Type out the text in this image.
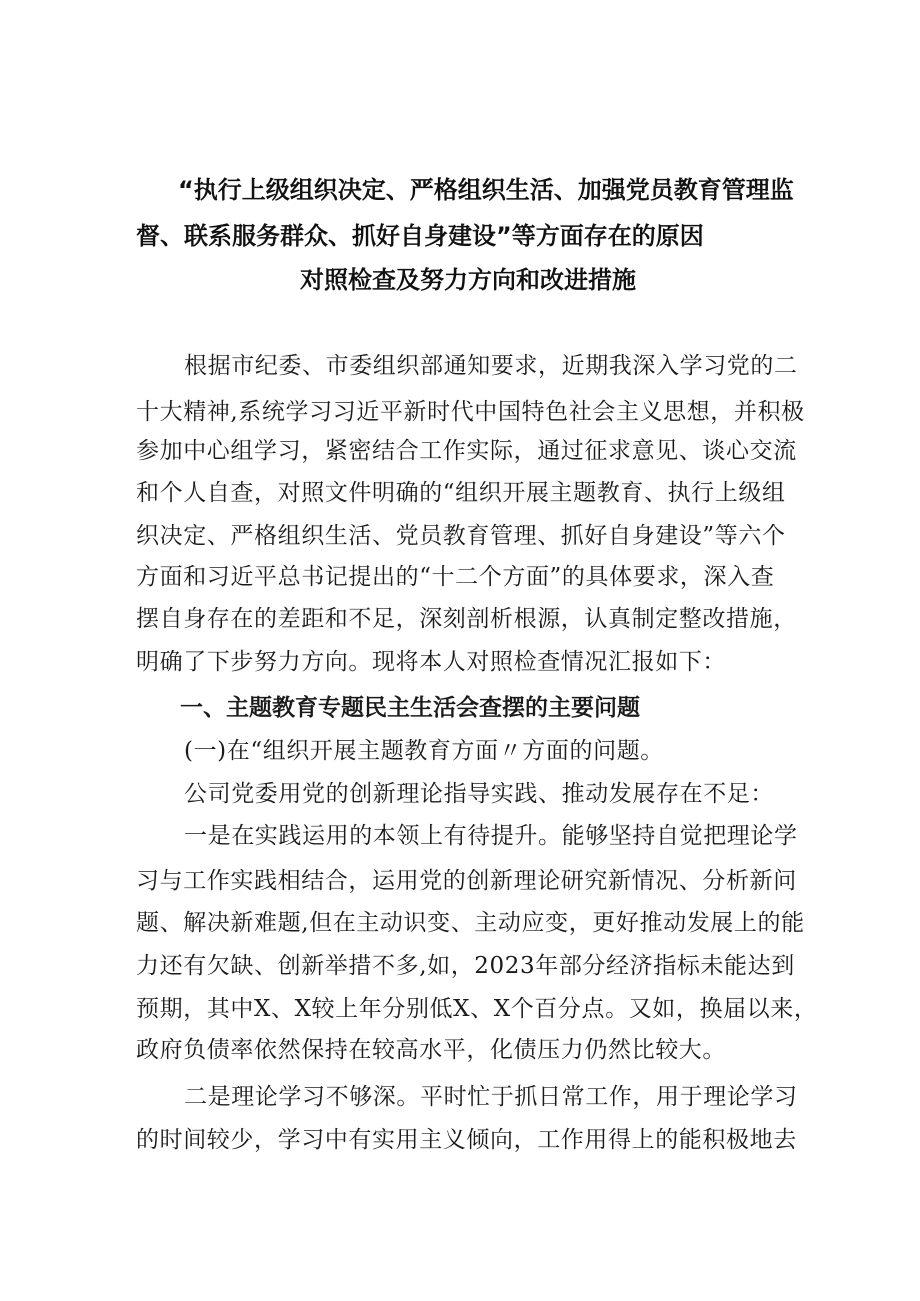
“执行上级组织决定、严格组织生活、加强党员教育管理监
督、联系服务群众、抓好自身建设”等方面存在的原因
对照检查及努力方向和改进措施
根据市纪委、市委组织部通知要求，近期我深入学习党的二
十大精神,系统学习习近平新时代中国特色社会主义思想，并积极
参加中心组学习，紧密结合工作实际，通过征求意见、谈心交流
和个人自查，对照文件明确的“组织开展主题教育、执行上级组
织决定、严格组织生活、党员教育管理、抓好自身建设”等六个
方面和习近平总书记提出的“十二个方面”的具体要求，深入查
摆自身存在的差距和不足，深刻剖析根源，认真制定整改措施，
明确了下步努力方向。现将本人对照检查情况汇报如下：
一、主题教育专题民主生活会查摆的主要问题
(一)在“组织开展主题教育方面〃方面的问题。
公司党委用党的创新理论指导实践、推动发展存在不足：
一是在实践运用的本领上有待提升。能够坚持自觉把理论学
习与工作实践相结合，运用党的创新理论研究新情况、分析新问
题、解决新难题,但在主动识变、主动应变，更好推动发展上的能
力还有欠缺、创新举措不多,如，2023年部分经济指标未能达到
预期，其中X、X较上年分别低X、X个百分点。又如，换届以来，
政府负债率依然保持在较高水平，化债压力仍然比较大。
二是理论学习不够深。平时忙于抓日常工作，用于理论学习
的时间较少，学习中有实用主义倾向，工作用得上的能积极地去
